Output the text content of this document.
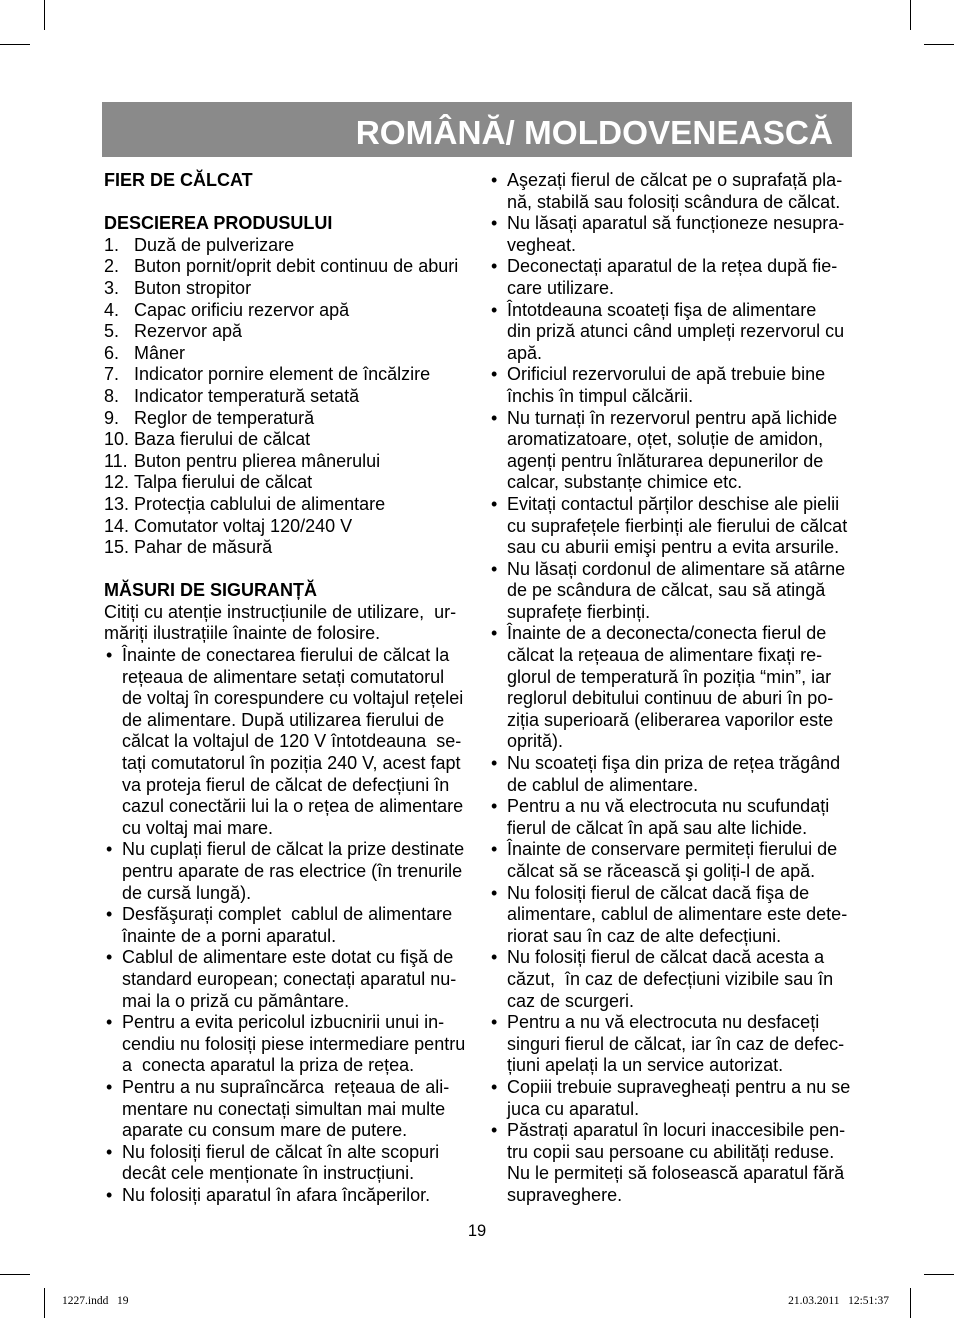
ROMÂNĂ/ MOLDOVENEASCĂ
FIER DE CĂLCAT
DESCIEREA PRODUSULUI
1. Duză de pulverizare
2. Buton pornit/oprit debit continuu de aburi
3. Buton stropitor
4. Capac orificiu rezervor apă
5. Rezervor apă
6. Mâner
7. Indicator pornire element de încălzire
8. Indicator temperatură setată
9. Reglor de temperatură
10. Baza fierului de călcat
11. Buton pentru plierea mânerului
12. Talpa fierului de călcat
13. Protecția cablului de alimentare
14. Comutator voltaj 120/240 V
15. Pahar de măsură
MĂSURI DE SIGURANȚĂ
Citiți cu atenție instrucțiunile de utilizare,  ur-
măriți ilustrațiile înainte de folosire.
• Înainte de conectarea fierului de călcat la
rețeaua de alimentare setați comutatorul
de voltaj în corespundere cu voltajul rețelei
de alimentare. După utilizarea fierului de
călcat la voltajul de 120 V întotdeauna  se-
tați comutatorul în poziția 240 V, acest fapt
va proteja fierul de călcat de defecțiuni în
cazul conectării lui la o rețea de alimentare
cu voltaj mai mare.
• Nu cuplați fierul de călcat la prize destinate
pentru aparate de ras electrice (în trenurile
de cursă lungă).
• Desfăşurați complet  cablul de alimentare
înainte de a porni aparatul.
• Cablul de alimentare este dotat cu fişă de
standard european; conectați aparatul nu-
mai la o priză cu pământare.
• Pentru a evita pericolul izbucnirii unui in-
cendiu nu folosiți piese intermediare pentru
a  conecta aparatul la priza de rețea.
• Pentru a nu supraîncărca  rețeaua de ali-
mentare nu conectați simultan mai multe
aparate cu consum mare de putere.
• Nu folosiți fierul de călcat în alte scopuri
decât cele menționate în instrucțiuni.
• Nu folosiți aparatul în afara încăperilor.
• Aşezați fierul de călcat pe o suprafață pla-
nă, stabilă sau folosiți scândura de călcat.
• Nu lăsați aparatul să funcționeze nesupra-
vegheat.
• Deconectați aparatul de la rețea după fie-
care utilizare.
• Întotdeauna scoateți fişa de alimentare
din priză atunci când umpleți rezervorul cu
apă.
• Orificiul rezervorului de apă trebuie bine
închis în timpul călcării.
• Nu turnați în rezervorul pentru apă lichide
aromatizatoare, oțet, soluție de amidon,
agenți pentru înlăturarea depunerilor de
calcar, substanțe chimice etc.
• Evitați contactul părților deschise ale pielii
cu suprafețele fierbinți ale fierului de călcat
sau cu aburii emişi pentru a evita arsurile.
• Nu lăsați cordonul de alimentare să atârne
de pe scândura de călcat, sau să atingă
suprafețe fierbinți.
• Înainte de a deconecta/conecta fierul de
călcat la rețeaua de alimentare fixați re-
glorul de temperatură în poziția “min”, iar
reglorul debitului continuu de aburi în po-
ziția superioară (eliberarea vaporilor este
oprită).
• Nu scoateți fişa din priza de rețea trăgând
de cablul de alimentare.
• Pentru a nu vă electrocuta nu scufundați
fierul de călcat în apă sau alte lichide.
• Înainte de conservare permiteți fierului de
călcat să se răcească şi goliți-l de apă.
• Nu folosiți fierul de călcat dacă fişa de
alimentare, cablul de alimentare este dete-
riorat sau în caz de alte defecțiuni.
• Nu folosiți fierul de călcat dacă acesta a
căzut,  în caz de defecțiuni vizibile sau în
caz de scurgeri.
• Pentru a nu vă electrocuta nu desfaceți
singuri fierul de călcat, iar în caz de defec-
țiuni apelați la un service autorizat.
• Copiii trebuie supravegheați pentru a nu se
juca cu aparatul.
• Păstrați aparatul în locuri inaccesibile pen-
tru copii sau persoane cu abilități reduse.
Nu le permiteți să folosească aparatul fără
supraveghere.
19
1227.indd   19	21.03.2011   12:51:37
